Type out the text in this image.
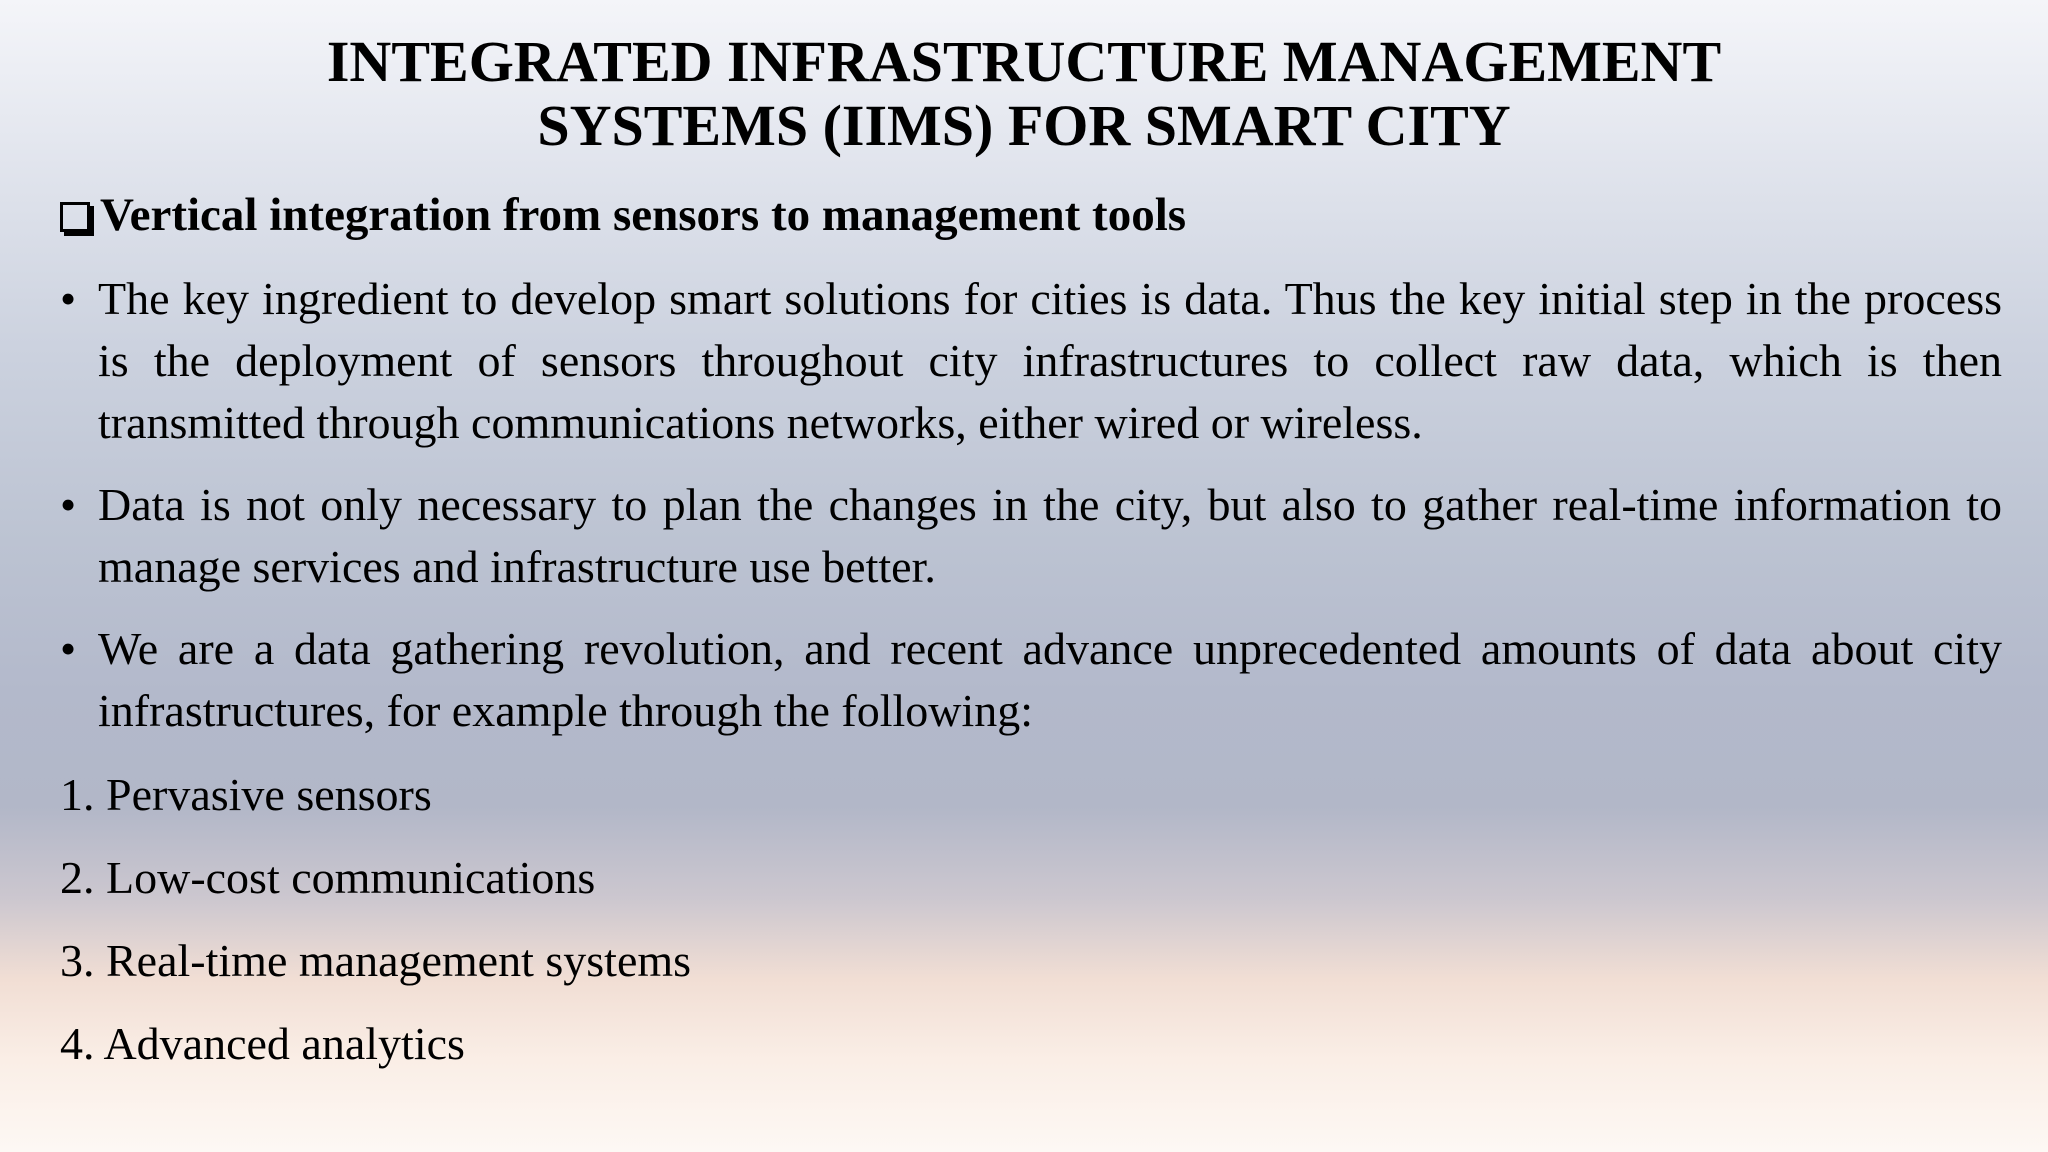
INTEGRATED INFRASTRUCTURE MANAGEMENT
SYSTEMS (IIMS) FOR SMART CITY
Vertical integration from sensors to management tools
• The key ingredient to develop smart solutions for cities is data. Thus the key initial step in the process is the deployment of sensors throughout city infrastructures to collect raw data, which is then transmitted through communications networks, either wired or wireless.
• Data is not only necessary to plan the changes in the city, but also to gather real-time information to manage services and infrastructure use better.
• We are a data gathering revolution, and recent advance unprecedented amounts of data about city infrastructures, for example through the following:
1. Pervasive sensors
2. Low-cost communications
3. Real-time management systems
4. Advanced analytics
